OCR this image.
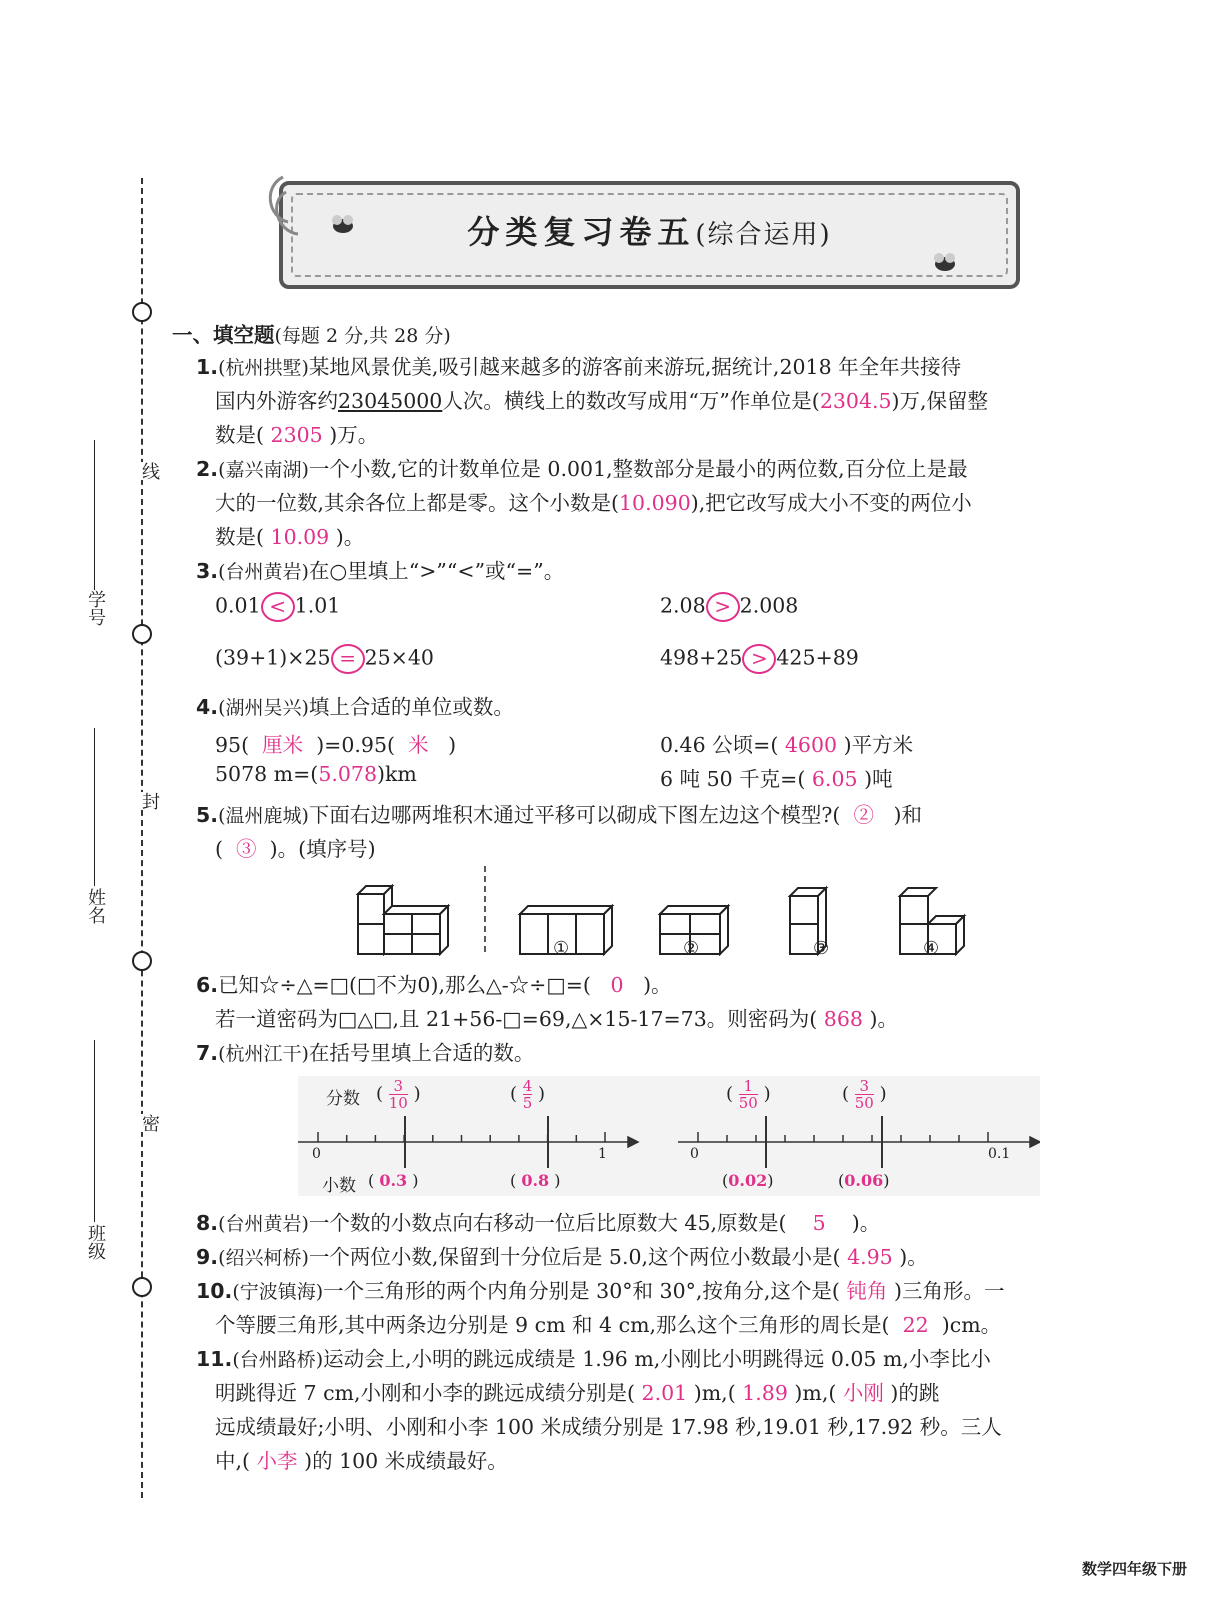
线
封
密
学号
姓名
班级
分类复习卷五(综合运用)
一、填空题(每题 2 分,共 28 分)
1.(杭州拱墅)某地风景优美,吸引越来越多的游客前来游玩,据统计,2018 年全年共接待
国内外游客约23045000人次。横线上的数改写成用“万”作单位是(2304.5)万,保留整
数是( 2305 )万。
2.(嘉兴南湖)一个小数,它的计数单位是 0.001,整数部分是最小的两位数,百分位上是最
大的一位数,其余各位上都是零。这个小数是(10.090),把它改写成大小不变的两位小
数是( 10.09 )。
3.(台州黄岩)在○里填上“>”“<”或“=”。
0.01 < 1.01	2.08 > 2.008
(39+1)×25 = 25×40	498+25 > 425+89
4.(湖州吴兴)填上合适的单位或数。
95( 厘米 )=0.95( 米 )	0.46 公顷=( 4600 )平方米
5078 m=(5.078)km	6 吨 50 千克=( 6.05 )吨
5.(温州鹿城)下面右边哪两堆积木通过平移可以砌成下图左边这个模型?( ② )和
( ③ )。(填序号)
①	②	③	④
6.已知☆÷△=□(□不为0),那么△-☆÷□=( 0 )。
若一道密码为□△□,且 21+56-□=69,△×15-17=73。则密码为( 868 )。
7.(杭州江干)在括号里填上合适的数。
分数
小数
0	1	0	0.1
( $\frac{3}{10}$ )	( $\frac{4}{5}$ )	( $\frac{1}{50}$ )	( $\frac{3}{50}$ )
( 0.3 )	( 0.8 )	(0.02)	(0.06)
8.(台州黄岩)一个数的小数点向右移动一位后比原数大 45,原数是( 5 )。
9.(绍兴柯桥)一个两位小数,保留到十分位后是 5.0,这个两位小数最小是( 4.95 )。
10.(宁波镇海)一个三角形的两个内角分别是 30°和 30°,按角分,这个是( 钝角 )三角形。一
个等腰三角形,其中两条边分别是 9 cm 和 4 cm,那么这个三角形的周长是( 22 )cm。
11.(台州路桥)运动会上,小明的跳远成绩是 1.96 m,小刚比小明跳得远 0.05 m,小李比小
明跳得近 7 cm,小刚和小李的跳远成绩分别是( 2.01 )m,( 1.89 )m,( 小刚 )的跳
远成绩最好;小明、小刚和小李 100 米成绩分别是 17.98 秒,19.01 秒,17.92 秒。三人
中,( 小李 )的 100 米成绩最好。
数学四年级下册
